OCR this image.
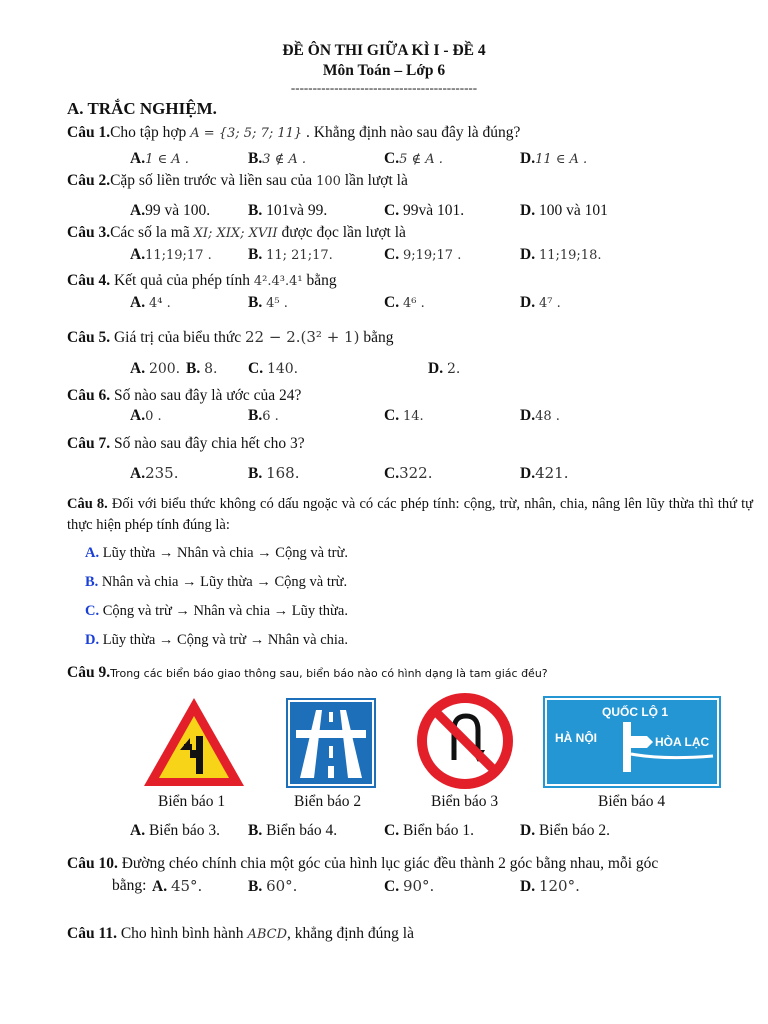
ĐỀ ÔN THI GIỮA KÌ I - ĐỀ 4
Môn Toán – Lớp 6
-------------------------------------------
A. TRẮC NGHIỆM.
Câu 1.Cho tập hợp A = {3; 5; 7; 11} . Khẳng định nào sau đây là đúng?
A.1 ∈ A .	B.3 ∉ A .	C.5 ∉ A .	D.11 ∈ A .
Câu 2.Cặp số liền trước và liền sau của 100 lần lượt là
A.99 và 100. B. 101và 99.	C. 99và 101.	D. 100 và 101
Câu 3.Các số la mã XI; XIX; XVII được đọc lần lượt là
A.11;19;17 . B. 11; 21;17.	C. 9;19;17 .	D. 11;19;18.
Câu 4. Kết quả của phép tính 4².4³.4¹ bằng
A. 4⁴ .	B. 4⁵ .	C. 4⁶ .	D. 4⁷ .
Câu 5. Giá trị của biểu thức 22 − 2.(3² + 1) bằng
A. 200. B. 8. C. 140.	D. 2.
Câu 6. Số nào sau đây là ước của 24?
A.0 .	B.6 .	C. 14.	D.48 .
Câu 7. Số nào sau đây chia hết cho 3?
A.235.	B. 168.	C.322.	D.421.
Câu 8. Đối với biểu thức không có dấu ngoặc và có các phép tính: cộng, trừ, nhân, chia, nâng lên lũy thừa thì thứ tự thực hiện phép tính đúng là:
A. Lũy thừa → Nhân và chia → Cộng và trừ.
B. Nhân và chia → Lũy thừa → Cộng và trừ.
C. Cộng và trừ → Nhân và chia → Lũy thừa.
D. Lũy thừa → Cộng và trừ → Nhân và chia.
Câu 9.Trong các biển báo giao thông sau, biển báo nào có hình dạng là tam giác đều?
QUỐC LỘ 1
HÀ NỘI	HÒA LẠC
Biển báo 1	Biển báo 2	Biển báo 3	Biển báo 4
A. Biển báo 3. B. Biển báo 4.	C. Biển báo 1.	D. Biển báo 2.
Câu 10. Đường chéo chính chia một góc của hình lục giác đều thành 2 góc bằng nhau, mỗi góc
bằng: A. 45°.	B. 60°.	C. 90°.	D. 120°.
Câu 11. Cho hình bình hành ABCD, khẳng định đúng là
